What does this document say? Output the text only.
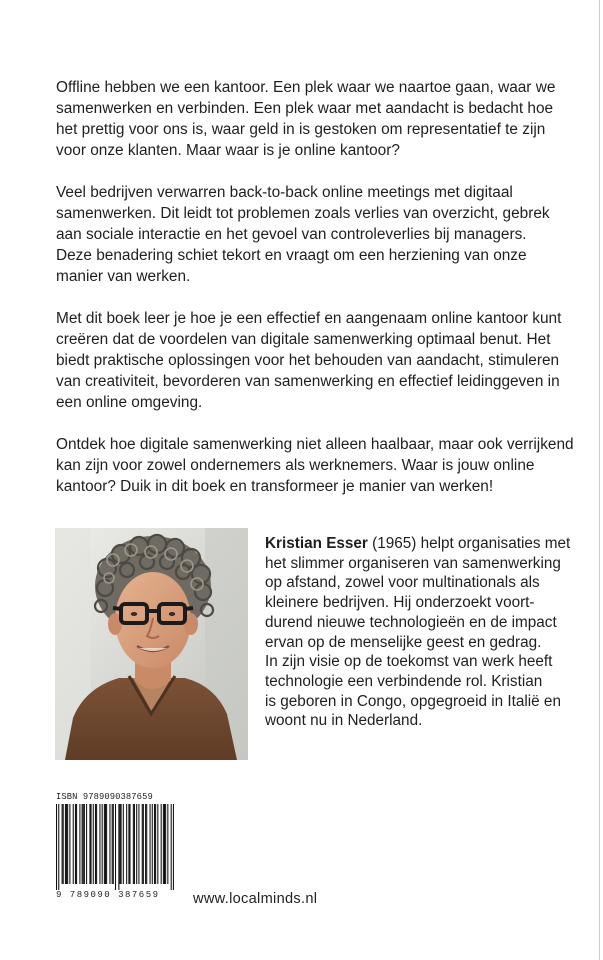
Offline hebben we een kantoor. Een plek waar we naartoe gaan, waar we
samenwerken en verbinden. Een plek waar met aandacht is bedacht hoe
het prettig voor ons is, waar geld in is gestoken om representatief te zijn
voor onze klanten. Maar waar is je online kantoor?

Veel bedrijven verwarren back-to-back online meetings met digitaal
samenwerken. Dit leidt tot problemen zoals verlies van overzicht, gebrek
aan sociale interactie en het gevoel van controleverlies bij managers.
Deze benadering schiet tekort en vraagt om een herziening van onze
manier van werken.

Met dit boek leer je hoe je een effectief en aangenaam online kantoor kunt
creëren dat de voordelen van digitale samenwerking optimaal benut. Het
biedt praktische oplossingen voor het behouden van aandacht, stimuleren
van creativiteit, bevorderen van samenwerking en effectief leidinggeven in
een online omgeving.

Ontdek hoe digitale samenwerking niet alleen haalbaar, maar ook verrijkend
kan zijn voor zowel ondernemers als werknemers. Waar is jouw online
kantoor? Duik in dit boek en transformeer je manier van werken!

Kristian Esser (1965) helpt organisaties met
het slimmer organiseren van samenwerking
op afstand, zowel voor multinationals als
kleinere bedrijven. Hij onderzoekt voort-
durend nieuwe technologieën en de impact
ervan op de menselijke geest en gedrag.
In zijn visie op de toekomst van werk heeft
technologie een verbindende rol. Kristian
is geboren in Congo, opgegroeid in Italië en
woont nu in Nederland.
ISBN 9789090387659
9 789090 387659	www.localminds.nl
